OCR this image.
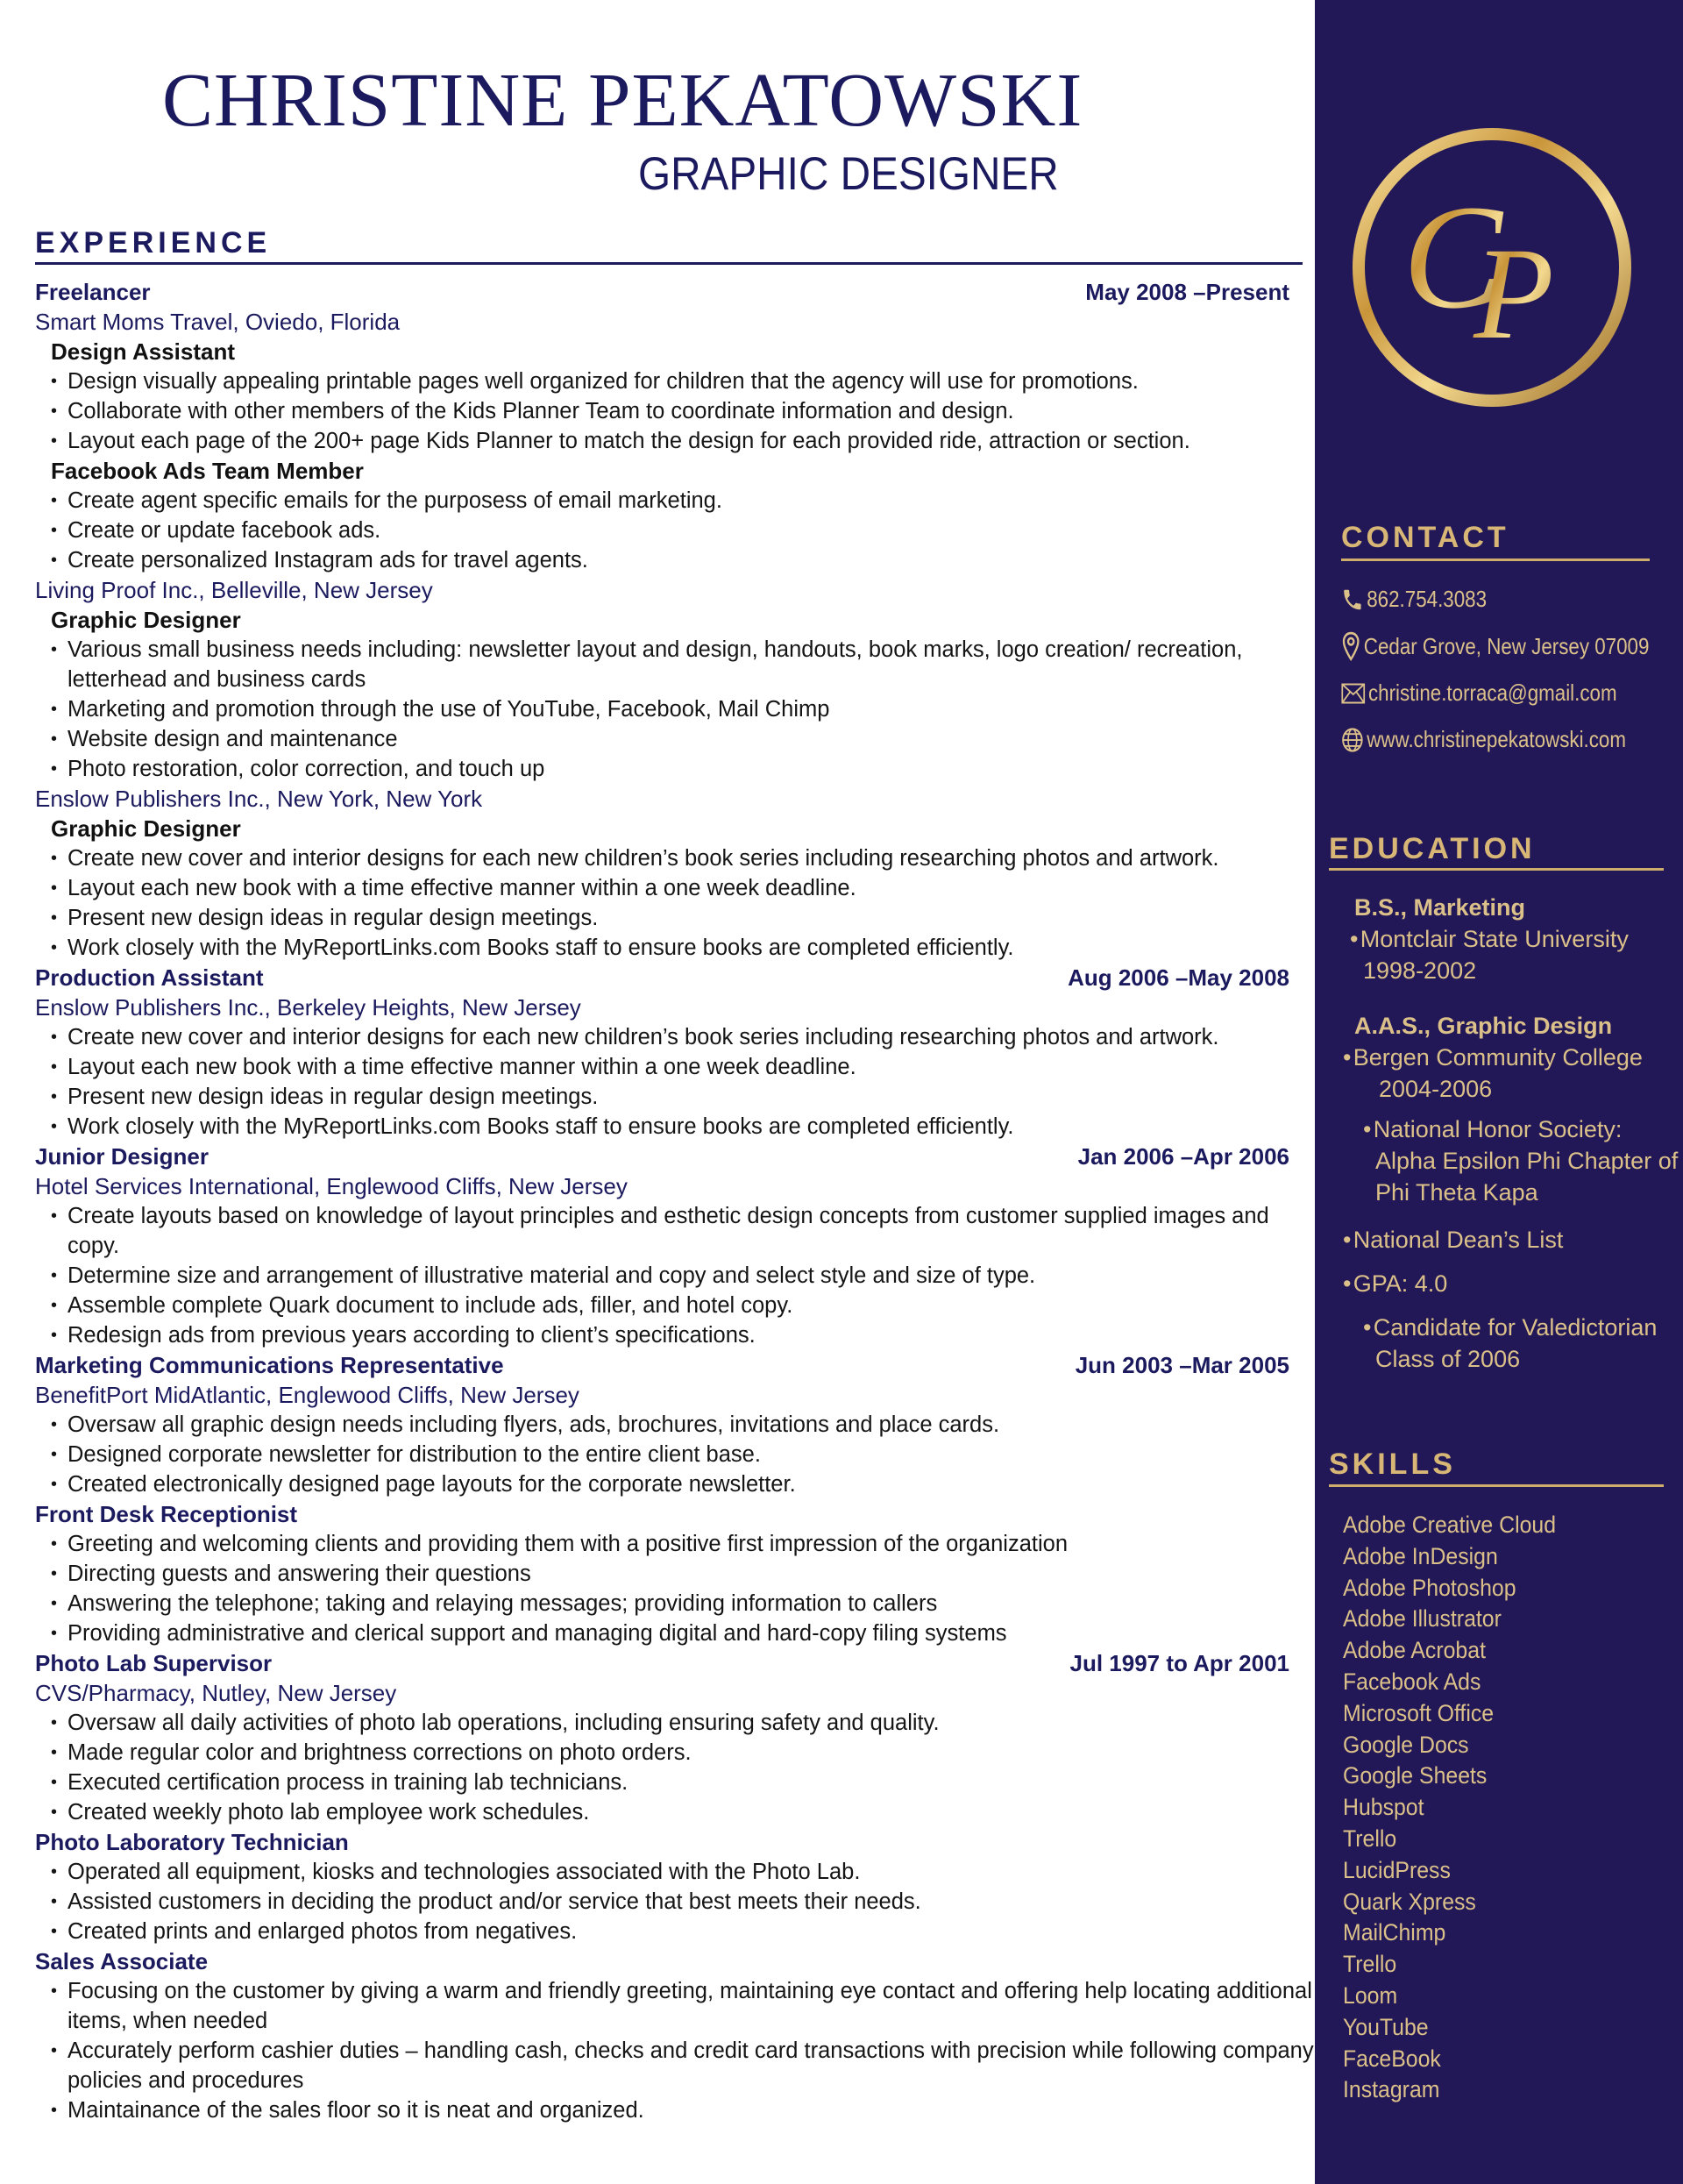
CHRISTINE PEKATOWSKI
GRAPHIC DESIGNER
EXPERIENCE
Freelancer	May 2008 –Present
Smart Moms Travel, Oviedo, Florida
Design Assistant
• Design visually appealing printable pages well organized for children that the agency will use for promotions.
• Collaborate with other members of the Kids Planner Team to coordinate information and design.
• Layout each page of the 200+ page Kids Planner to match the design for each provided ride, attraction or section.
Facebook Ads Team Member
• Create agent specific emails for the purposess of email marketing.
• Create or update facebook ads.
• Create personalized Instagram ads for travel agents.
Living Proof Inc., Belleville, New Jersey
Graphic Designer
• Various small business needs including: newsletter layout and design, handouts, book marks, logo creation/ recreation, letterhead and business cards
• Marketing and promotion through the use of YouTube, Facebook, Mail Chimp
• Website design and maintenance
• Photo restoration, color correction, and touch up
Enslow Publishers Inc., New York, New York
Graphic Designer
• Create new cover and interior designs for each new children’s book series including researching photos and artwork.
• Layout each new book with a time effective manner within a one week deadline.
• Present new design ideas in regular design meetings.
• Work closely with the MyReportLinks.com Books staff to ensure books are completed efficiently.
Production Assistant	Aug 2006 –May 2008
Enslow Publishers Inc., Berkeley Heights, New Jersey
• Create new cover and interior designs for each new children’s book series including researching photos and artwork.
• Layout each new book with a time effective manner within a one week deadline.
• Present new design ideas in regular design meetings.
• Work closely with the MyReportLinks.com Books staff to ensure books are completed efficiently.
Junior Designer	Jan 2006 –Apr 2006
Hotel Services International, Englewood Cliffs, New Jersey
• Create layouts based on knowledge of layout principles and esthetic design concepts from customer supplied images and copy.
• Determine size and arrangement of illustrative material and copy and select style and size of type.
• Assemble complete Quark document to include ads, filler, and hotel copy.
• Redesign ads from previous years according to client’s specifications.
Marketing Communications Representative	Jun 2003 –Mar 2005
BenefitPort MidAtlantic, Englewood Cliffs, New Jersey
• Oversaw all graphic design needs including flyers, ads, brochures, invitations and place cards.
• Designed corporate newsletter for distribution to the entire client base.
• Created electronically designed page layouts for the corporate newsletter.
Front Desk Receptionist
• Greeting and welcoming clients and providing them with a positive first impression of the organization
• Directing guests and answering their questions
• Answering the telephone; taking and relaying messages; providing information to callers
• Providing administrative and clerical support and managing digital and hard-copy filing systems
Photo Lab Supervisor	Jul 1997 to Apr 2001
CVS/Pharmacy, Nutley, New Jersey
• Oversaw all daily activities of photo lab operations, including ensuring safety and quality.
• Made regular color and brightness corrections on photo orders.
• Executed certification process in training lab technicians.
• Created weekly photo lab employee work schedules.
Photo Laboratory Technician
• Operated all equipment, kiosks and technologies associated with the Photo Lab.
• Assisted customers in deciding the product and/or service that best meets their needs.
• Created prints and enlarged photos from negatives.
Sales Associate
• Focusing on the customer by giving a warm and friendly greeting, maintaining eye contact and offering help locating additional items, when needed
• Accurately perform cashier duties – handling cash, checks and credit card transactions with precision while following company policies and procedures
• Maintainance of the sales floor so it is neat and organized.
C
P
CONTACT
862.754.3083
Cedar Grove, New Jersey 07009
christine.torraca@gmail.com
www.christinepekatowski.com
EDUCATION
B.S., Marketing
• Montclair State University
1998-2002
A.A.S., Graphic Design
• Bergen Community College
2004-2006
• National Honor Society:
Alpha Epsilon Phi Chapter of
Phi Theta Kapa
• National Dean’s List
• GPA: 4.0
• Candidate for Valedictorian
Class of 2006
SKILLS
Adobe Creative Cloud
Adobe InDesign
Adobe Photoshop
Adobe Illustrator
Adobe Acrobat
Facebook Ads
Microsoft Office
Google Docs
Google Sheets
Hubspot
Trello
LucidPress
Quark Xpress
MailChimp
Trello
Loom
YouTube
FaceBook
Instagram
